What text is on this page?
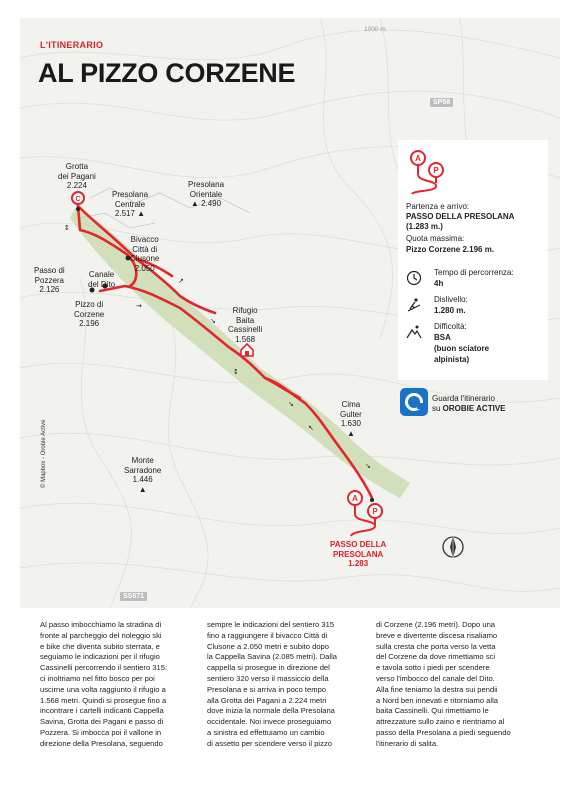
↕
→
↗
↘
↕
↘
↖
↘
A
P
C
L'ITINERARIO
AL PIZZO CORZENE
1000 m
SP58
SS671
Grotta
dei Pagani
2.224
Presolana
Centrale
2.517 ▲
Presolana
Orientale
▲ 2.490
Bivacco
Città di
Clusone
2.050
Passo di
Pozzera
2.126
Canale
del Dito
Pizzo di
Corzene
2.196
Rifugio
Baita
Cassinelli
1.568
Cima
Gulter
1.630
▲
Monte
Sarradone
1.446
▲
PASSO DELLA
PRESOLANA
1.283
© Mapbox - Orobie Active
A
P
Partenza e arrivo:
PASSO DELLA PRESOLANA
(1.283 m.)
Quota massima:
Pizzo Corzene 2.196 m.
Tempo di percorrenza:
4h
Dislivello:
1.280 m.
Difficoltà:
BSA
(buon sciatore
alpinista)
Guarda l'itinerario
su OROBIE ACTIVE
Al passo imbocchiamo la stradina di
fronte al parcheggio del noleggio ski
e bike che diventa subito sterrata, e
seguiamo le indicazioni per il rifugio
Cassinelli percorrendo il sentiero 315:
ci inoltriamo nel fitto bosco per poi
uscirne una volta raggiunto il rifugio a
1.568 metri. Quindi si prosegue fino a
incontrare i cartelli indicanti Cappella
Savina, Grotta dei Pagani e passo di
Pozzera. Si imbocca poi il vallone in
direzione della Presolana, seguendo
sempre le indicazioni del sentiero 315
fino a raggiungere il bivacco Città di
Clusone a 2.050 metri e subito dopo
la Cappella Savina (2.085 metri). Dalla
cappella si prosegue in direzione del
sentiero 320 verso il massiccio della
Presolana e si arriva in poco tempo
alla Grotta dei Pagani a 2.224 metri
dove inizia la normale della Presolana
occidentale. Noi invece proseguiamo
a sinistra ed effettuiamo un cambio
di assetto per scendere verso il pizzo
di Corzene (2.196 metri). Dopo una
breve e divertente discesa risaliamo
sulla cresta che porta verso la vetta
del Corzene da dove rimettiamo sci
e tavola sotto i piedi per scendere
verso l'imbocco del canale del Dito.
Alla fine teniamo la destra sui pendii
a Nord ben innevati e ritorniamo alla
baita Cassinelli. Qui rimettiamo le
attrezzature sullo zaino e rientriamo al
passo della Presolana a piedi seguendo
l'itinerario di salita.
